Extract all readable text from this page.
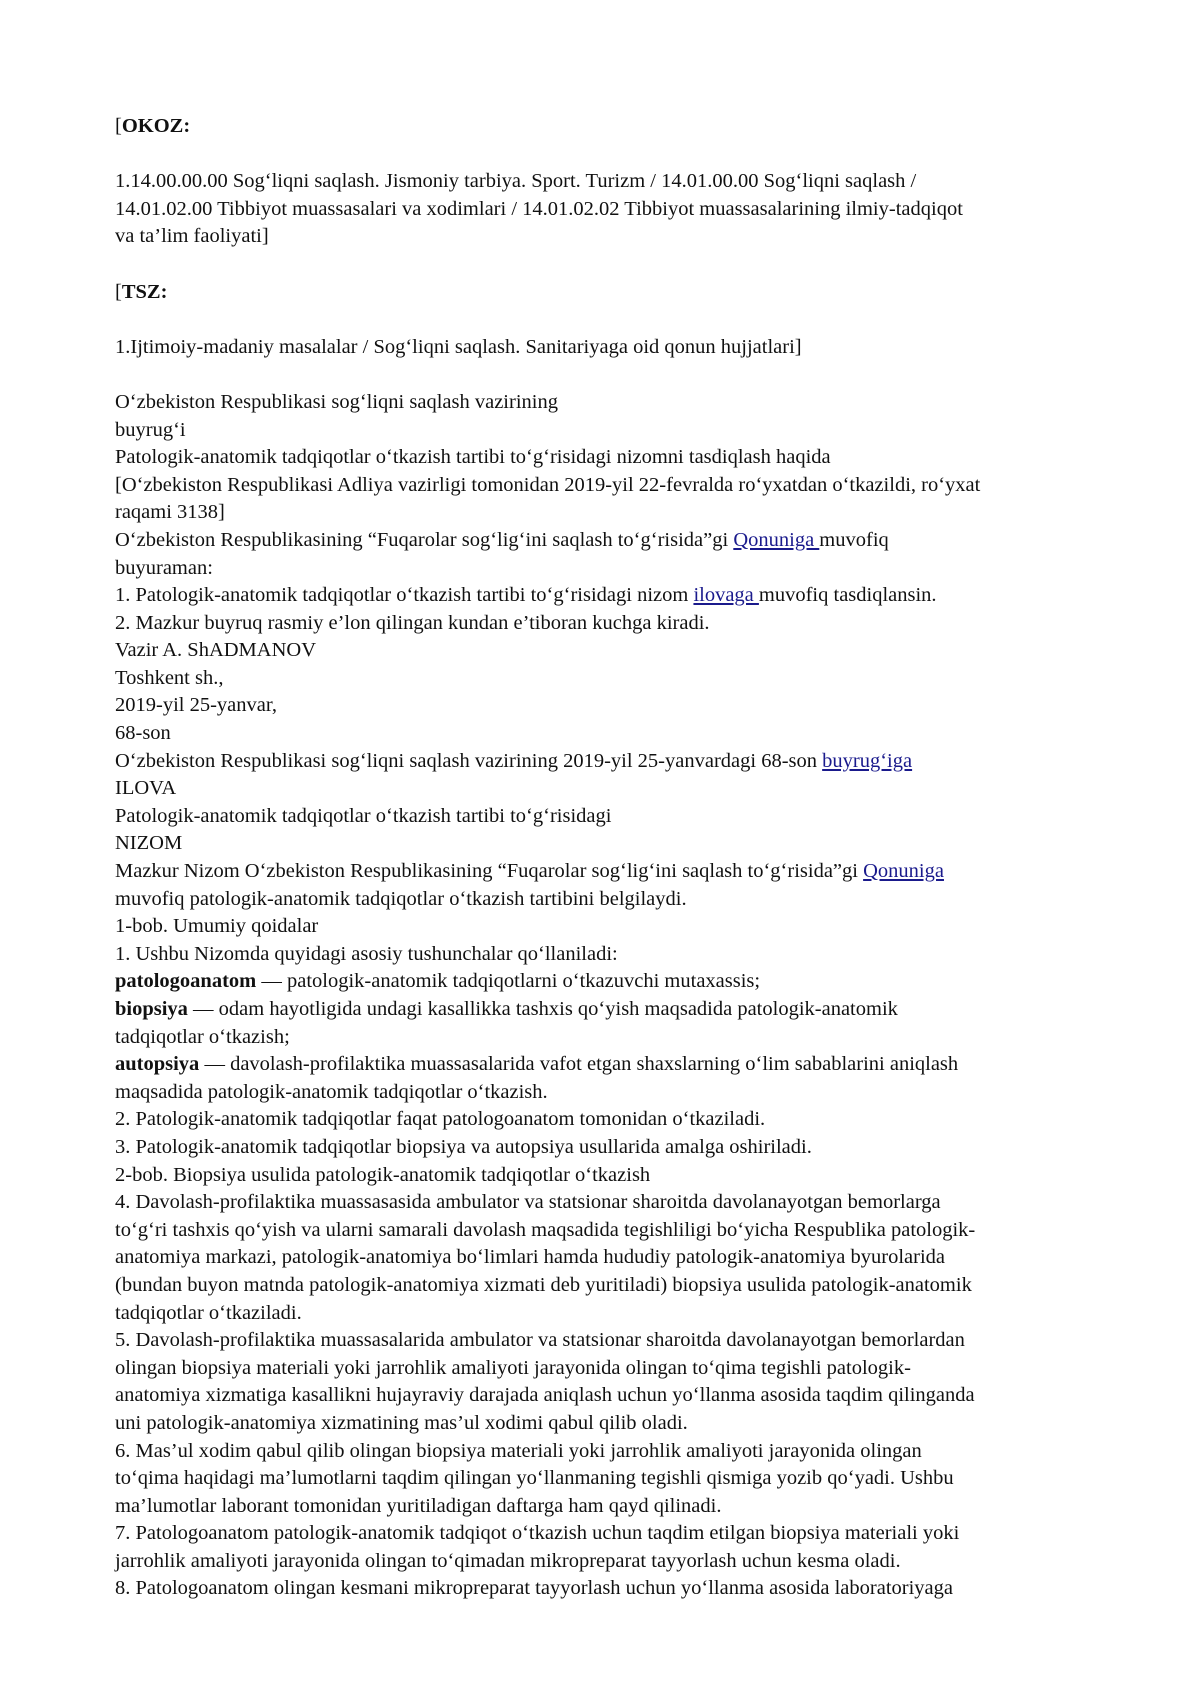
[OKOZ:

1.14.00.00.00 Sog‘liqni saqlash. Jismoniy tarbiya. Sport. Turizm / 14.01.00.00 Sog‘liqni saqlash /
14.01.02.00 Tibbiyot muassasalari va xodimlari / 14.01.02.02 Tibbiyot muassasalarining ilmiy-tadqiqot
va ta’lim faoliyati]

[TSZ:

1.Ijtimoiy-madaniy masalalar / Sog‘liqni saqlash. Sanitariyaga oid qonun hujjatlari]
O‘zbekiston Respublikasi sog‘liqni saqlash vazirining
buyrug‘i
Patologik-anatomik tadqiqotlar o‘tkazish tartibi to‘g‘risidagi nizomni tasdiqlash haqida
[O‘zbekiston Respublikasi Adliya vazirligi tomonidan 2019-yil 22-fevralda ro‘yxatdan o‘tkazildi, ro‘yxat
raqami 3138]
O‘zbekiston Respublikasining “Fuqarolar sog‘lig‘ini saqlash to‘g‘risida”gi Qonuniga muvofiq
buyuraman:
1. Patologik-anatomik tadqiqotlar o‘tkazish tartibi to‘g‘risidagi nizom ilovaga muvofiq tasdiqlansin.
2. Mazkur buyruq rasmiy e’lon qilingan kundan e’tiboran kuchga kiradi.
Vazir A. ShADMANOV
Toshkent sh.,
2019-yil 25-yanvar,
68-son
O‘zbekiston Respublikasi sog‘liqni saqlash vazirining 2019-yil 25-yanvardagi 68-son buyrug‘iga
ILOVA
Patologik-anatomik tadqiqotlar o‘tkazish tartibi to‘g‘risidagi
NIZOM
Mazkur Nizom O‘zbekiston Respublikasining “Fuqarolar sog‘lig‘ini saqlash to‘g‘risida”gi Qonuniga
muvofiq patologik-anatomik tadqiqotlar o‘tkazish tartibini belgilaydi.
1-bob. Umumiy qoidalar
1. Ushbu Nizomda quyidagi asosiy tushunchalar qo‘llaniladi:
patologoanatom — patologik-anatomik tadqiqotlarni o‘tkazuvchi mutaxassis;
biopsiya — odam hayotligida undagi kasallikka tashxis qo‘yish maqsadida patologik-anatomik
tadqiqotlar o‘tkazish;
autopsiya — davolash-profilaktika muassasalarida vafot etgan shaxslarning o‘lim sabablarini aniqlash
maqsadida patologik-anatomik tadqiqotlar o‘tkazish.
2. Patologik-anatomik tadqiqotlar faqat patologoanatom tomonidan o‘tkaziladi.
3. Patologik-anatomik tadqiqotlar biopsiya va autopsiya usullarida amalga oshiriladi.
2-bob. Biopsiya usulida patologik-anatomik tadqiqotlar o‘tkazish
4. Davolash-profilaktika muassasasida ambulator va statsionar sharoitda davolanayotgan bemorlarga
to‘g‘ri tashxis qo‘yish va ularni samarali davolash maqsadida tegishliligi bo‘yicha Respublika patologik-
anatomiya markazi, patologik-anatomiya bo‘limlari hamda hududiy patologik-anatomiya byurolarida
(bundan buyon matnda patologik-anatomiya xizmati deb yuritiladi) biopsiya usulida patologik-anatomik
tadqiqotlar o‘tkaziladi.
5. Davolash-profilaktika muassasalarida ambulator va statsionar sharoitda davolanayotgan bemorlardan
olingan biopsiya materiali yoki jarrohlik amaliyoti jarayonida olingan to‘qima tegishli patologik-
anatomiya xizmatiga kasallikni hujayraviy darajada aniqlash uchun yo‘llanma asosida taqdim qilinganda
uni patologik-anatomiya xizmatining mas’ul xodimi qabul qilib oladi.
6. Mas’ul xodim qabul qilib olingan biopsiya materiali yoki jarrohlik amaliyoti jarayonida olingan
to‘qima haqidagi ma’lumotlarni taqdim qilingan yo‘llanmaning tegishli qismiga yozib qo‘yadi. Ushbu
ma’lumotlar laborant tomonidan yuritiladigan daftarga ham qayd qilinadi.
7. Patologoanatom patologik-anatomik tadqiqot o‘tkazish uchun taqdim etilgan biopsiya materiali yoki
jarrohlik amaliyoti jarayonida olingan to‘qimadan mikropreparat tayyorlash uchun kesma oladi.
8. Patologoanatom olingan kesmani mikropreparat tayyorlash uchun yo‘llanma asosida laboratoriyaga
